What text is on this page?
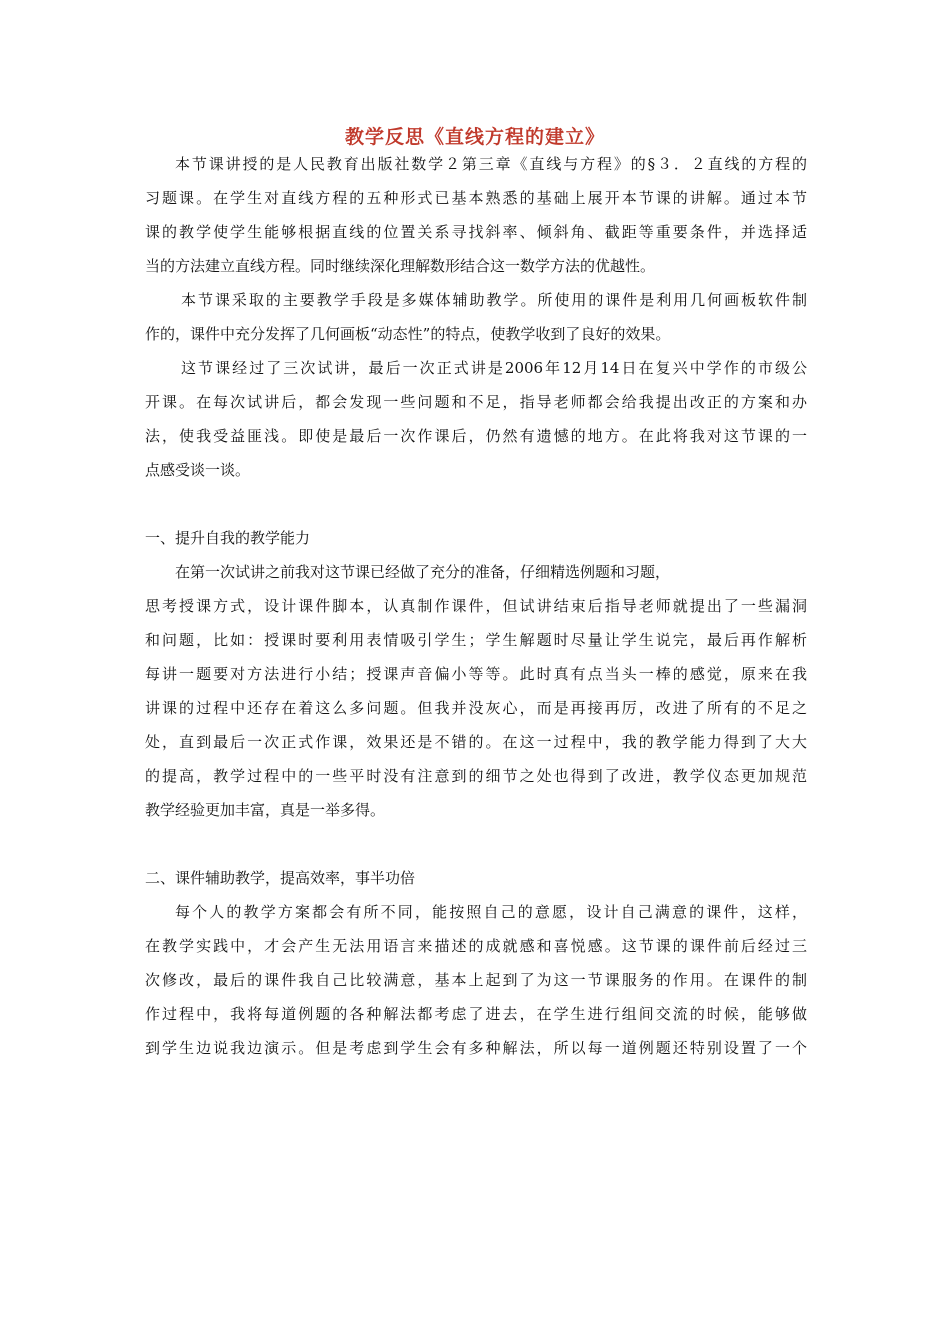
教学反思《直线方程的建立》
本节课讲授的是人民教育出版社数学２第三章《直线与方程》的§３．２直线的方程的
习题课。在学生对直线方程的五种形式已基本熟悉的基础上展开本节课的讲解。通过本节
课的教学使学生能够根据直线的位置关系寻找斜率、倾斜角、截距等重要条件，并选择适
当的方法建立直线方程。同时继续深化理解数形结合这一数学方法的优越性。
本节课采取的主要教学手段是多媒体辅助教学。所使用的课件是利用几何画板软件制
作的，课件中充分发挥了几何画板“动态性”的特点，使教学收到了良好的效果。
这节课经过了三次试讲，最后一次正式讲是2006年12月14日在复兴中学作的市级公
开课。在每次试讲后，都会发现一些问题和不足，指导老师都会给我提出改正的方案和办
法，使我受益匪浅。即使是最后一次作课后，仍然有遗憾的地方。在此将我对这节课的一
点感受谈一谈。
一、提升自我的教学能力
在第一次试讲之前我对这节课已经做了充分的准备，仔细精选例题和习题，
思考授课方式，设计课件脚本，认真制作课件，但试讲结束后指导老师就提出了一些漏洞
和问题，比如：授课时要利用表情吸引学生；学生解题时尽量让学生说完，最后再作解析
每讲一题要对方法进行小结；授课声音偏小等等。此时真有点当头一棒的感觉，原来在我
讲课的过程中还存在着这么多问题。但我并没灰心，而是再接再厉，改进了所有的不足之
处，直到最后一次正式作课，效果还是不错的。在这一过程中，我的教学能力得到了大大
的提高，教学过程中的一些平时没有注意到的细节之处也得到了改进，教学仪态更加规范
教学经验更加丰富，真是一举多得。
二、课件辅助教学，提高效率，事半功倍
每个人的教学方案都会有所不同，能按照自己的意愿，设计自己满意的课件，这样，
在教学实践中，才会产生无法用语言来描述的成就感和喜悦感。这节课的课件前后经过三
次修改，最后的课件我自己比较满意，基本上起到了为这一节课服务的作用。在课件的制
作过程中，我将每道例题的各种解法都考虑了进去，在学生进行组间交流的时候，能够做
到学生边说我边演示。但是考虑到学生会有多种解法，所以每一道例题还特别设置了一个
